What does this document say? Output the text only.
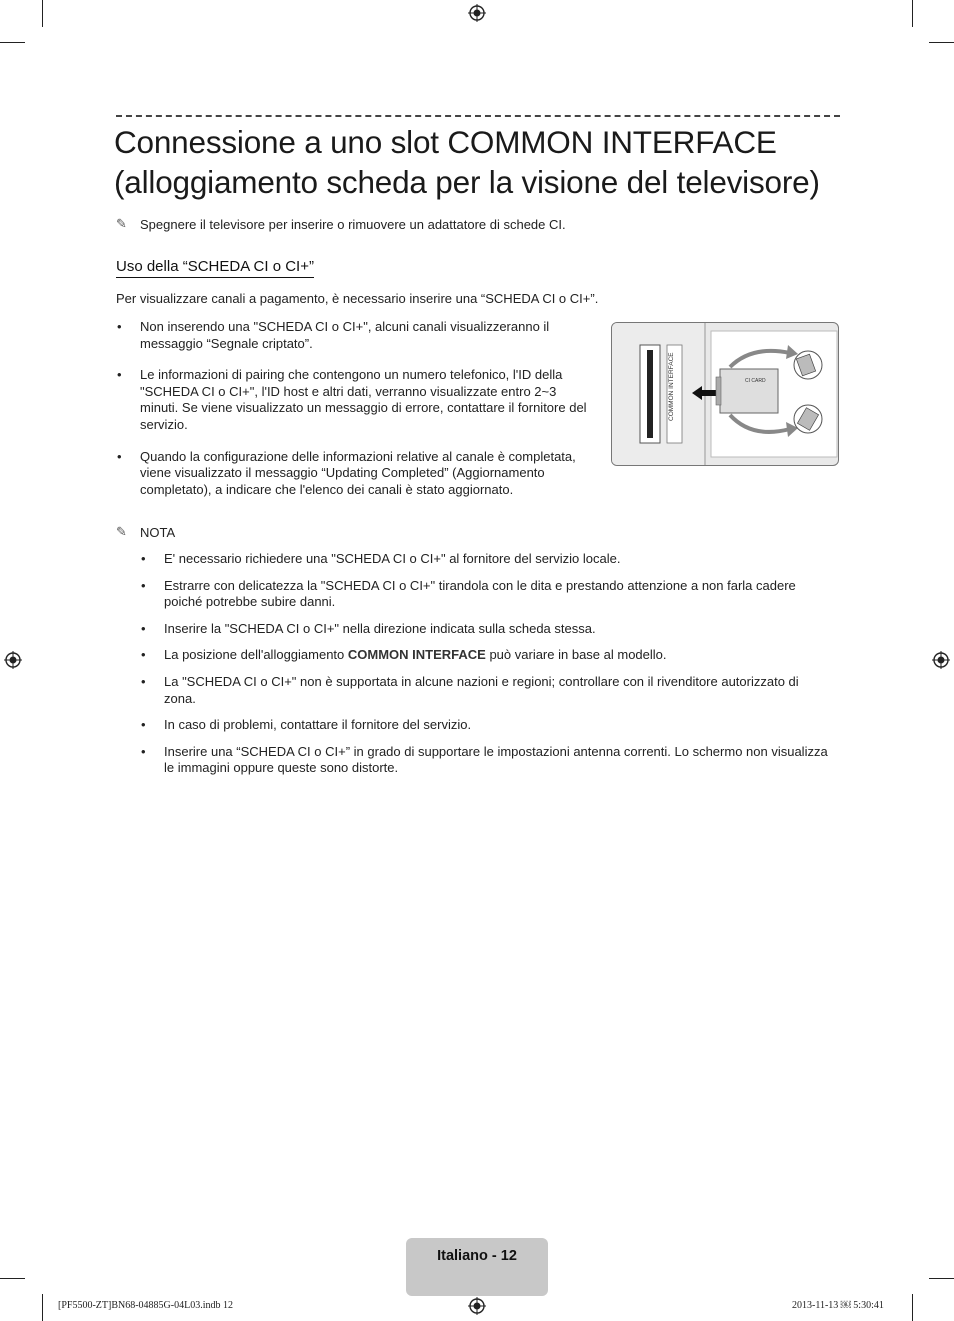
Connessione a uno slot COMMON INTERFACE
(alloggiamento scheda per la visione del televisore)
✎ Spegnere il televisore per inserire o rimuovere un adattatore di schede CI.
Uso della “SCHEDA CI o CI+”
Per visualizzare canali a pagamento, è necessario inserire una “SCHEDA CI o CI+”.
• Non inserendo una "SCHEDA CI o CI+", alcuni canali visualizzeranno il messaggio “Segnale criptato”.
• Le informazioni di pairing che contengono un numero telefonico, l'ID della "SCHEDA CI o CI+", l'ID host e altri dati, verranno visualizzate entro 2~3 minuti. Se viene visualizzato un messaggio di errore, contattare il fornitore del servizio.
• Quando la configurazione delle informazioni relative al canale è completata, viene visualizzato il messaggio “Updating Completed” (Aggiornamento completato), a indicare che l'elenco dei canali è stato aggiornato.
COMMON INTERFACE	CI CARD
✎ NOTA
• E' necessario richiedere una "SCHEDA CI o CI+" al fornitore del servizio locale.
• Estrarre con delicatezza la "SCHEDA CI o CI+" tirandola con le dita e prestando attenzione a non farla cadere poiché potrebbe subire danni.
• Inserire la "SCHEDA CI o CI+" nella direzione indicata sulla scheda stessa.
• La posizione dell'alloggiamento COMMON INTERFACE può variare in base al modello.
• La "SCHEDA CI o CI+" non è supportata in alcune nazioni e regioni; controllare con il rivenditore autorizzato di zona.
• In caso di problemi, contattare il fornitore del servizio.
• Inserire una “SCHEDA CI o CI+” in grado di supportare le impostazioni antenna correnti. Lo schermo non visualizza le immagini oppure queste sono distorte.
Italiano - 12
[PF5500-ZT]BN68-04885G-04L03.indb 12	2013-11-13 ￼ 5:30:41
